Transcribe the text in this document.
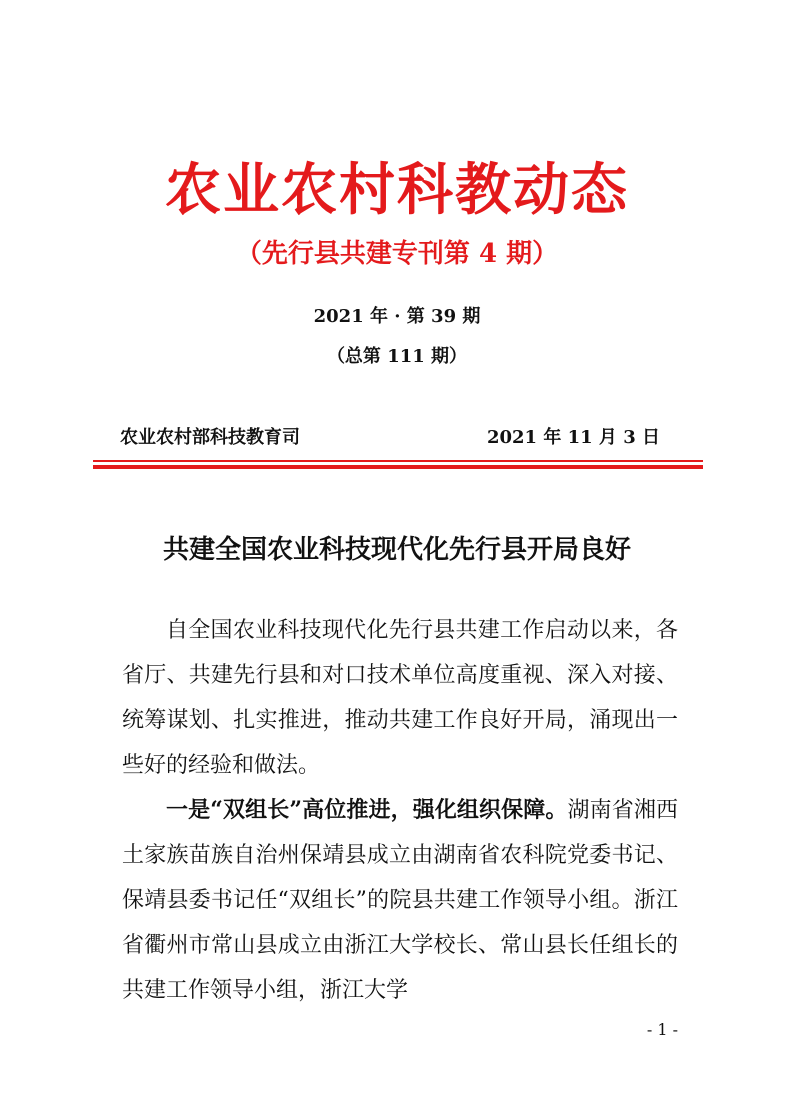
农业农村科教动态
（先行县共建专刊第 4 期）
2021 年 · 第 39 期
（总第 111 期）
农业农村部科技教育司	2021 年 11 月 3 日
共建全国农业科技现代化先行县开局良好

自全国农业科技现代化先行县共建工作启动以来，各省厅、共建先行县和对口技术单位高度重视、深入对接、统筹谋划、扎实推进，推动共建工作良好开局，涌现出一些好的经验和做法。

一是“双组长”高位推进，强化组织保障。湖南省湘西土家族苗族自治州保靖县成立由湖南省农科院党委书记、保靖县委书记任“双组长”的院县共建工作领导小组。浙江省衢州市常山县成立由浙江大学校长、常山县长任组长的共建工作领导小组，浙江大学

- 1 -
